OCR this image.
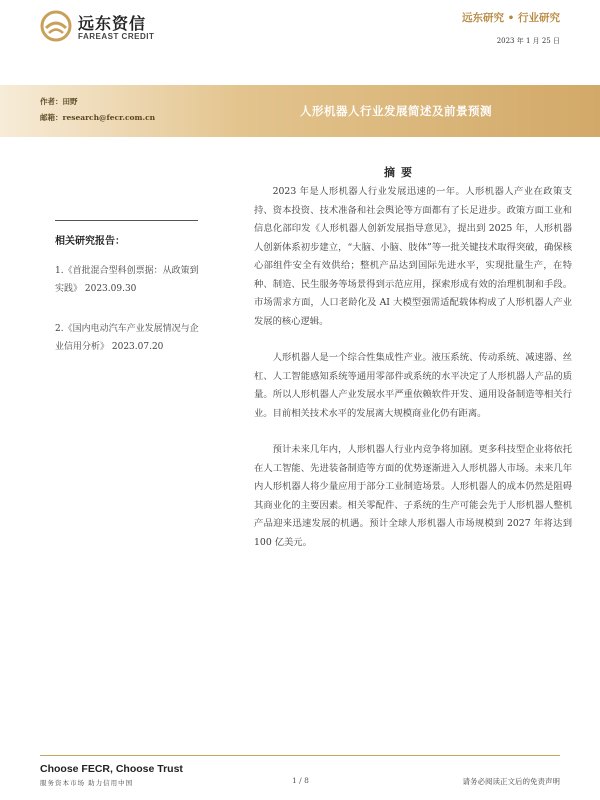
远东资信
FAREAST CREDIT
远东研究 • 行业研究
2023 年 1 月 25 日
作者：田野
邮箱：research@fecr.com.cn	人形机器人行业发展简述及前景预测
相关研究报告：
1.《首批混合型科创票据：从政策到实践》 2023.09.30
2.《国内电动汽车产业发展情况与企业信用分析》 2023.07.20
摘要

2023 年是人形机器人行业发展迅速的一年。人形机器人产业在政策支持、资本投资、技术准备和社会舆论等方面都有了长足进步。政策方面工业和信息化部印发《人形机器人创新发展指导意见》，提出到 2025 年，人形机器人创新体系初步建立，“大脑、小脑、肢体”等一批关键技术取得突破，确保核心部组件安全有效供给；整机产品达到国际先进水平，实现批量生产，在特种、制造、民生服务等场景得到示范应用，探索形成有效的治理机制和手段。市场需求方面，人口老龄化及 AI 大模型强需适配载体构成了人形机器人产业发展的核心逻辑。

人形机器人是一个综合性集成性产业。液压系统、传动系统、减速器、丝杠、人工智能感知系统等通用零部件或系统的水平决定了人形机器人产品的质量。所以人形机器人产业发展水平严重依赖软件开发、通用设备制造等相关行业。目前相关技术水平的发展离大规模商业化仍有距离。

预计未来几年内，人形机器人行业内竞争将加剧。更多科技型企业将依托在人工智能、先进装备制造等方面的优势逐渐进入人形机器人市场。未来几年内人形机器人将少量应用于部分工业制造场景。人形机器人的成本仍然是阻碍其商业化的主要因素。相关零配件、子系统的生产可能会先于人形机器人整机产品迎来迅速发展的机遇。预计全球人形机器人市场规模到 2027 年将达到 100 亿美元。

Choose FECR, Choose Trust
服务资本市场 助力信用中国	1 / 8	请务必阅读正文后的免责声明
